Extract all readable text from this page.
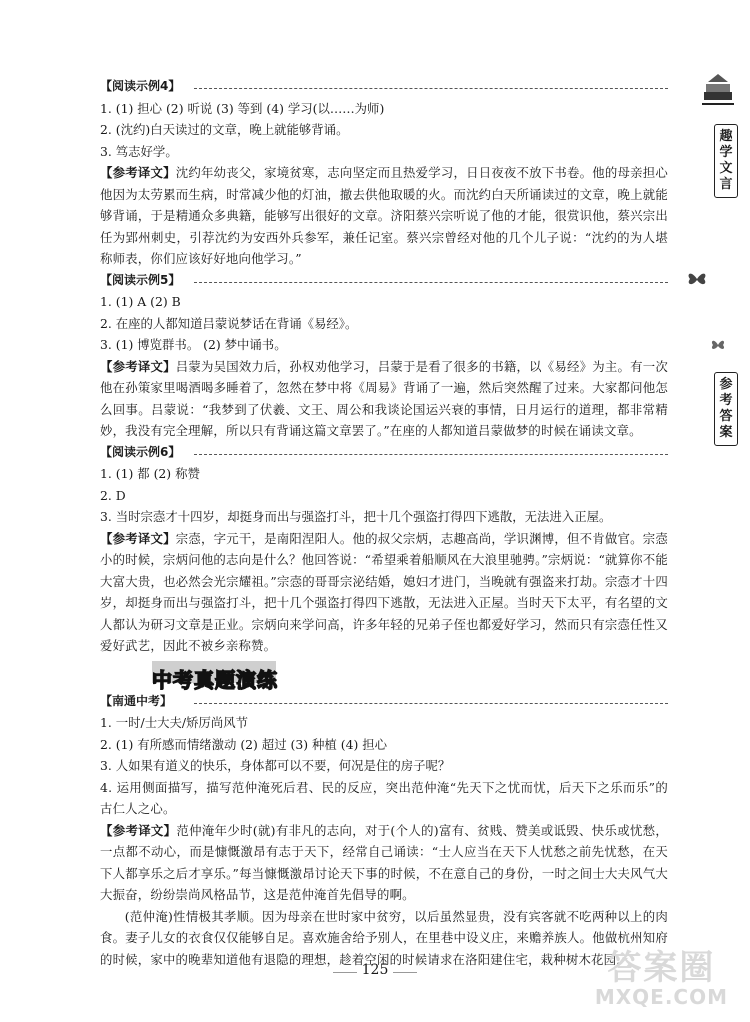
趣学文言
参考答案
【阅读示例4】
1. (1) 担心 (2) 听说 (3) 等到 (4) 学习(以……为师)
2. (沈约)白天读过的文章，晚上就能够背诵。
3. 笃志好学。
【参考译文】沈约年幼丧父，家境贫寒，志向坚定而且热爱学习，日日夜夜不放下书卷。他的母亲担心他因为太劳累而生病，时常减少他的灯油，撤去供他取暖的火。而沈约白天所诵读过的文章，晚上就能够背诵，于是精通众多典籍，能够写出很好的文章。济阳蔡兴宗听说了他的才能，很赏识他，蔡兴宗出任为郢州刺史，引荐沈约为安西外兵参军，兼任记室。蔡兴宗曾经对他的几个儿子说：“沈约的为人堪称师表，你们应该好好地向他学习。”
【阅读示例5】
1. (1) A (2) B
2. 在座的人都知道吕蒙说梦话在背诵《易经》。
3. (1) 博览群书。 (2) 梦中诵书。
【参考译文】吕蒙为吴国效力后，孙权劝他学习，吕蒙于是看了很多的书籍，以《易经》为主。有一次他在孙策家里喝酒喝多睡着了，忽然在梦中将《周易》背诵了一遍，然后突然醒了过来。大家都问他怎么回事。吕蒙说：“我梦到了伏羲、文王、周公和我谈论国运兴衰的事情，日月运行的道理，都非常精妙，我没有完全理解，所以只有背诵这篇文章罢了。”在座的人都知道吕蒙做梦的时候在诵读文章。
【阅读示例6】
1. (1) 都 (2) 称赞
2. D
3. 当时宗悫才十四岁，却挺身而出与强盗打斗，把十几个强盗打得四下逃散，无法进入正屋。
【参考译文】宗悫，字元干，是南阳涅阳人。他的叔父宗炳，志趣高尚，学识渊博，但不肯做官。宗悫小的时候，宗炳问他的志向是什么？他回答说：“希望乘着船顺风在大浪里驰骋。”宗炳说：“就算你不能大富大贵，也必然会光宗耀祖。”宗悫的哥哥宗泌结婚，媳妇才进门，当晚就有强盗来打劫。宗悫才十四岁，却挺身而出与强盗打斗，把十几个强盗打得四下逃散，无法进入正屋。当时天下太平，有名望的文人都认为研习文章是正业。宗炳向来学问高，许多年轻的兄弟子侄也都爱好学习，然而只有宗悫任性又爱好武艺，因此不被乡亲称赞。
中考真题演练
【南通中考】
1. 一时/士大夫/矫厉尚风节
2. (1) 有所感而情绪激动 (2) 超过 (3) 种植 (4) 担心
3. 人如果有道义的快乐，身体都可以不要，何况是住的房子呢？
4. 运用侧面描写，描写范仲淹死后君、民的反应，突出范仲淹“先天下之忧而忧，后天下之乐而乐”的古仁人之心。
【参考译文】范仲淹年少时(就)有非凡的志向，对于(个人的)富有、贫贱、赞美或诋毁、快乐或忧愁，一点都不动心，而是慷慨激昂有志于天下，经常自己诵读：“士人应当在天下人忧愁之前先忧愁，在天下人都享乐之后才享乐。”每当慷慨激昂讨论天下事的时候，不在意自己的身份，一时之间士大夫风气大大振奋，纷纷崇尚风格品节，这是范仲淹首先倡导的啊。
(范仲淹)性情极其孝顺。因为母亲在世时家中贫穷，以后虽然显贵，没有宾客就不吃两种以上的肉食。妻子儿女的衣食仅仅能够自足。喜欢施舍给予别人，在里巷中设义庄，来赡养族人。他做杭州知府的时候，家中的晚辈知道他有退隐的理想，趁着空闲的时候请求在洛阳建住宅，栽种树木花园，
125	答案圈
MXQE.COM
